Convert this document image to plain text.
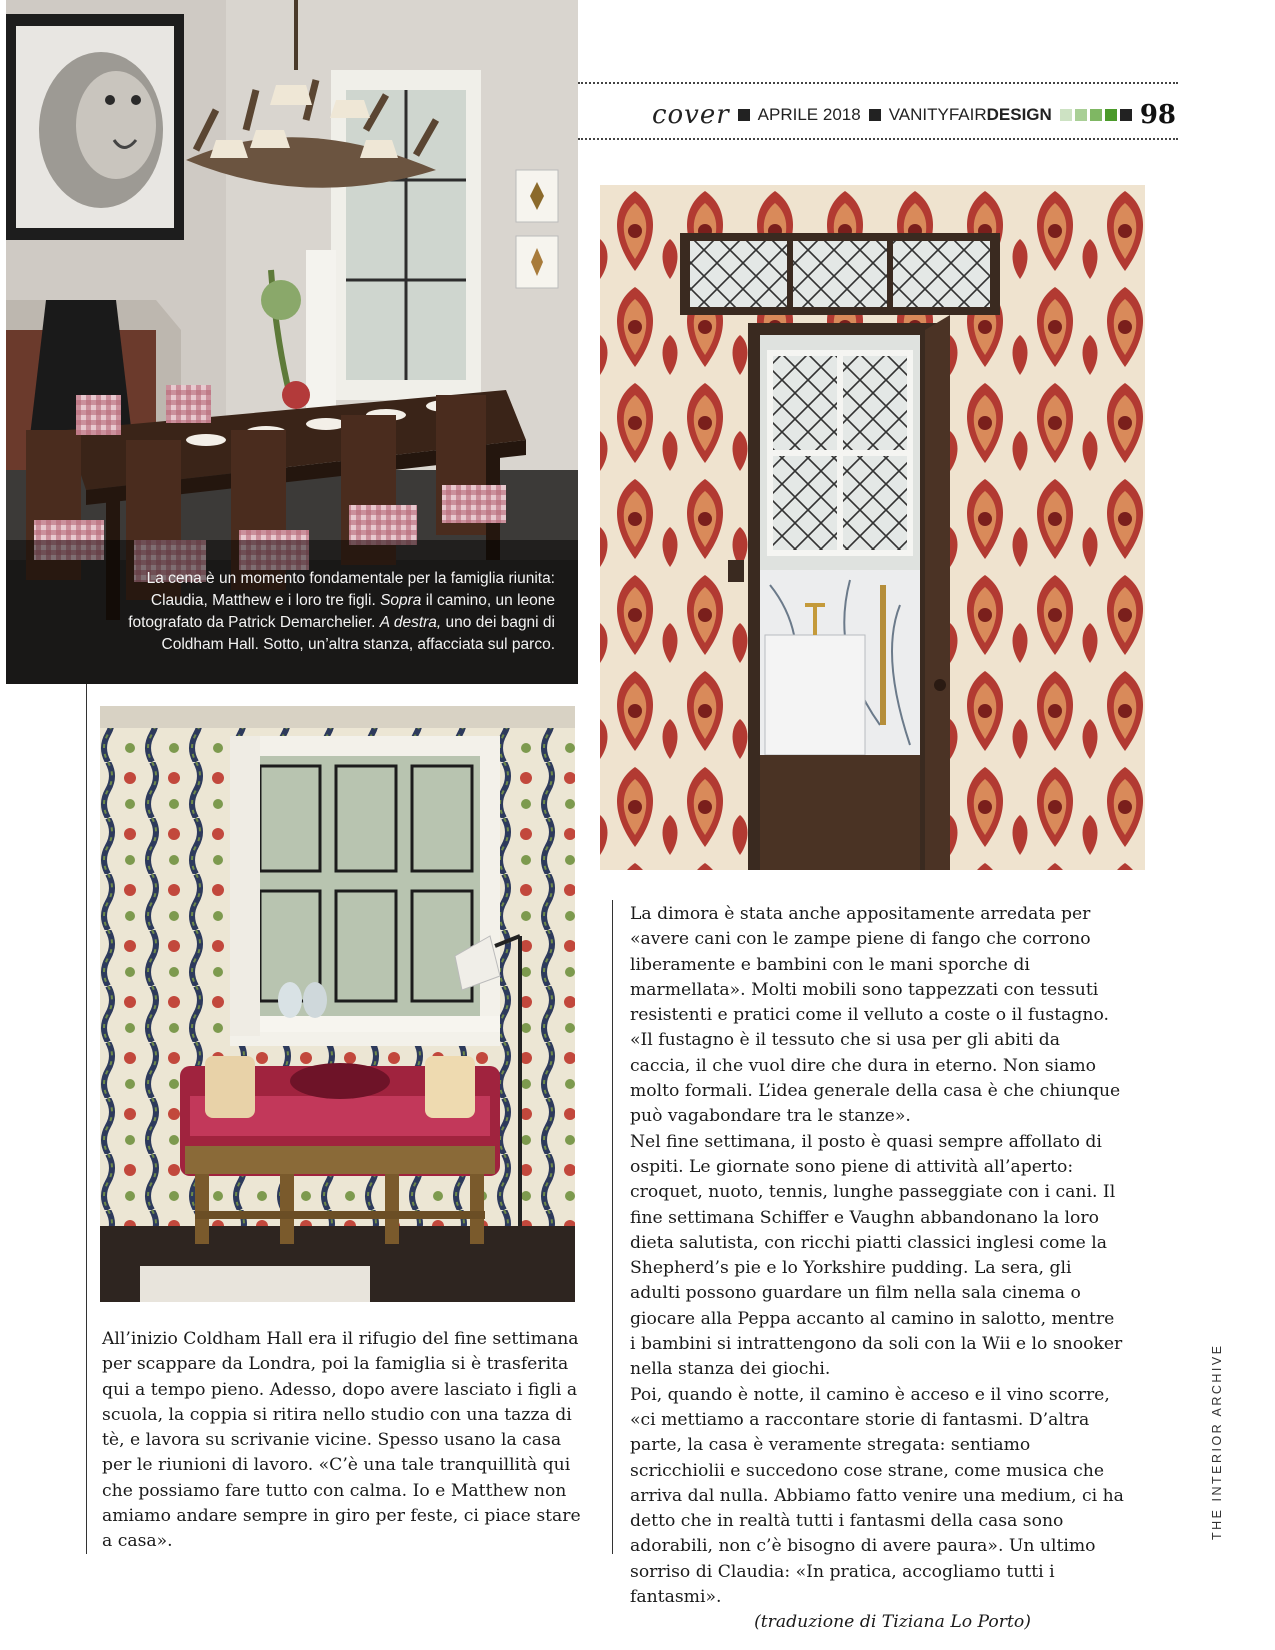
cover APRILE 2018 VANITYFAIRDESIGN	98
La cena è un momento fondamentale per la famiglia riunita: Claudia, Matthew e i loro tre figli. Sopra il camino, un leone fotografato da Patrick Demarchelier. A destra, uno dei bagni di Coldham Hall. Sotto, un’altra stanza, affacciata sul parco.

All’inizio Coldham Hall era il rifugio del fine settimana per scappare da Londra, poi la famiglia si è trasferita qui a tempo pieno. Adesso, dopo avere lasciato i figli a scuola, la coppia si ritira nello studio con una tazza di tè, e lavora su scrivanie vicine. Spesso usano la casa per le riunioni di lavoro. «C’è una tale tranquillità qui che possiamo fare tutto con calma. Io e Matthew non amiamo andare sempre in giro per feste, ci piace stare a casa».

La dimora è stata anche appositamente arredata per «avere cani con le zampe piene di fango che corrono liberamente e bambini con le mani sporche di marmellata». Molti mobili sono tappezzati con tessuti resistenti e pratici come il velluto a coste o il fustagno. «Il fustagno è il tessuto che si usa per gli abiti da caccia, il che vuol dire che dura in eterno. Non siamo molto formali. L’idea generale della casa è che chiunque può vagabondare tra le stanze».

Nel fine settimana, il posto è quasi sempre affollato di ospiti. Le giornate sono piene di attività all’aperto: croquet, nuoto, tennis, lunghe passeggiate con i cani. Il fine settimana Schiffer e Vaughn abbandonano la loro dieta salutista, con ricchi piatti classici inglesi come la Shepherd’s pie e lo Yorkshire pudding. La sera, gli adulti possono guardare un film nella sala cinema o giocare alla Peppa accanto al camino in salotto, mentre i bambini si intrattengono da soli con la Wii e lo snooker nella stanza dei giochi.

Poi, quando è notte, il camino è acceso e il vino scorre, «ci mettiamo a raccontare storie di fantasmi. D’altra parte, la casa è veramente stregata: sentiamo scricchiolii e succedono cose strane, come musica che arriva dal nulla. Abbiamo fatto venire una medium, ci ha detto che in realtà tutti i fantasmi della casa sono adorabili, non c’è bisogno di avere paura». Un ultimo sorriso di Claudia: «In pratica, accogliamo tutti i fantasmi».

(traduzione di Tiziana Lo Porto)

THE INTERIOR ARCHIVE
